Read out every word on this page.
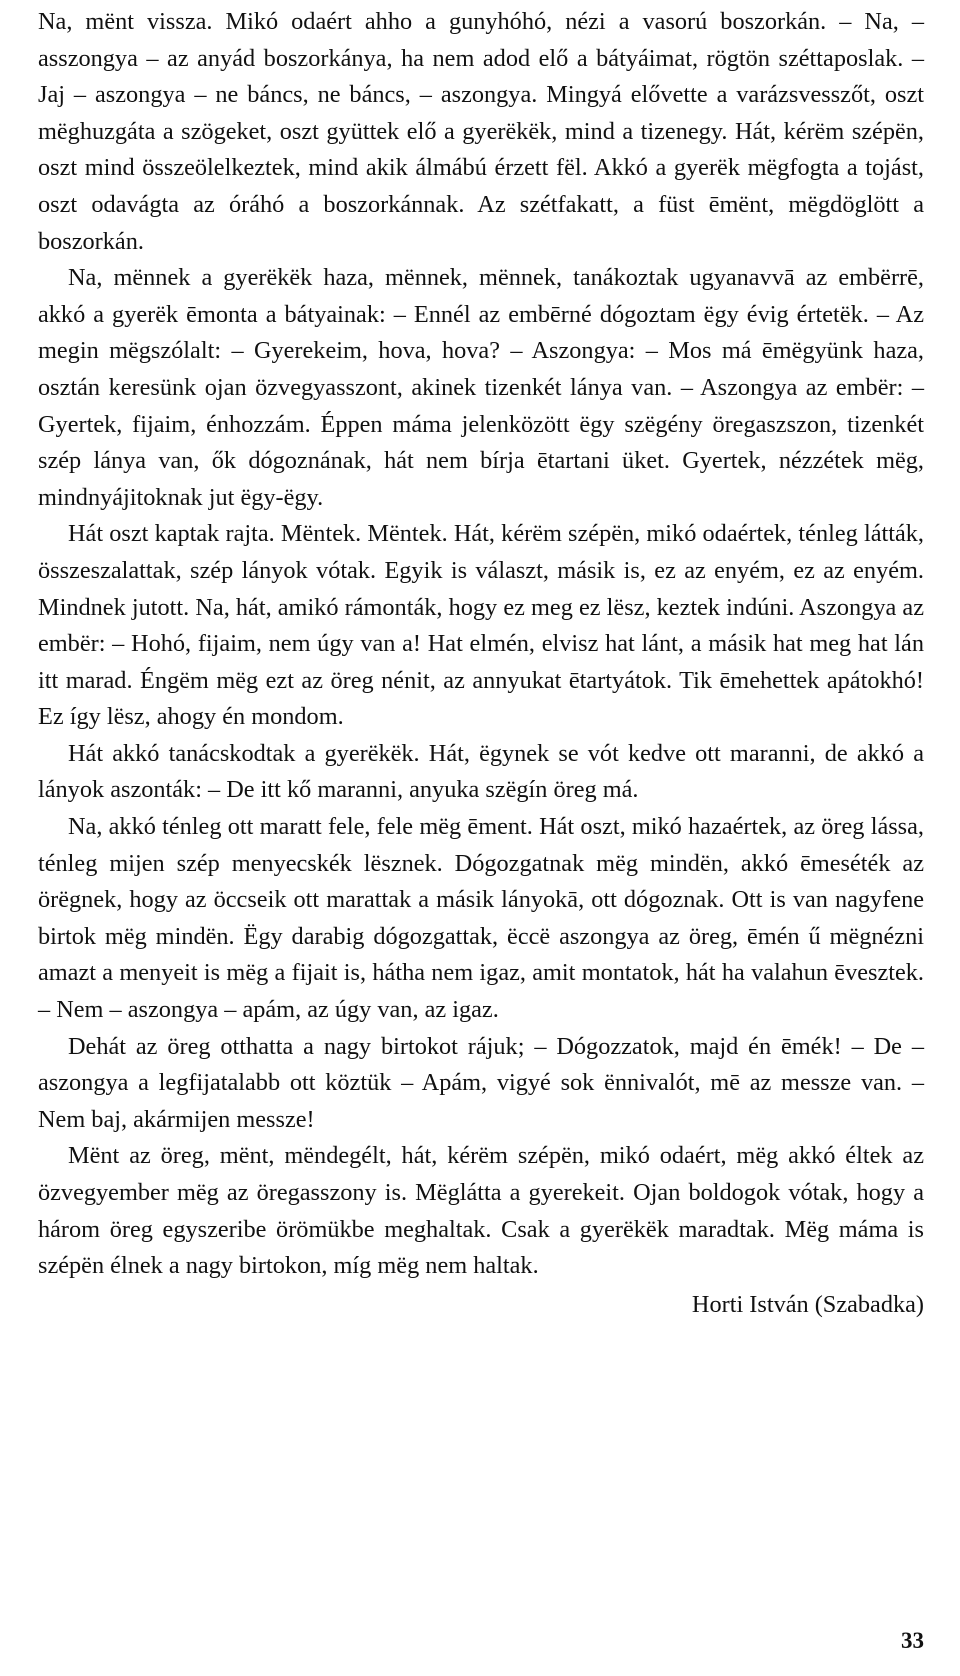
Na, mënt vissza. Mikó odaért ahho a gunyhóhó, nézi a vasorú boszorkán. – Na, – asszongya – az anyád boszorkánya, ha nem adod elő a bátyáimat, rögtön széttaposlak. – Jaj – aszongya – ne báncs, ne báncs, – aszongya. Mingyá elővette a varázsvesszőt, oszt mëghuzgáta a szögeket, oszt gyüttek elő a gyerëkëk, mind a tizenegy. Hát, kérëm szépën, oszt mind összeölelkeztek, mind akik álmábú érzett fël. Akkó a gyerëk mëgfogta a tojást, oszt odavágta az óráhó a boszorkánnak. Az szétfakatt, a füst ēmënt, mëgdöglött a boszorkán.

Na, mënnek a gyerëkëk haza, mënnek, mënnek, tanákoztak ugyanavvā az embërrē, akkó a gyerëk ēmonta a bátyainak: – Ennél az embērné dógoztam ëgy évig értetëk. – Az megin mëgszólalt: – Gyerekeim, hova, hova? – Aszongya: – Mos má ēmëgyünk haza, osztán keresünk ojan özvegyasszont, akinek tizenkét lánya van. – Aszongya az embër: – Gyertek, fijaim, énhozzám. Éppen máma jelenközött ëgy szëgény öregaszszon, tizenkét szép lánya van, ők dógoznának, hát nem bírja ētartani üket. Gyertek, nézzétek mëg, mindnyájitoknak jut ëgy-ëgy.

Hát oszt kaptak rajta. Mëntek. Mëntek. Hát, kérëm szépën, mikó odaértek, ténleg látták, összeszalattak, szép lányok vótak. Egyik is választ, másik is, ez az enyém, ez az enyém. Mindnek jutott. Na, hát, amikó rámonták, hogy ez meg ez lësz, keztek indúni. Aszongya az embër: – Hohó, fijaim, nem úgy van a! Hat elmén, elvisz hat lánt, a másik hat meg hat lán itt marad. Éngëm mëg ezt az öreg nénit, az annyukat ētartyátok. Tik ēmehettek apátokhó! Ez így lësz, ahogy én mondom.

Hát akkó tanácskodtak a gyerëkëk. Hát, ëgynek se vót kedve ott maranni, de akkó a lányok aszonták: – De itt kő maranni, anyuka szëgín öreg má.

Na, akkó ténleg ott maratt fele, fele mëg ēment. Hát oszt, mikó hazaértek, az öreg lássa, ténleg mijen szép menyecskék lësznek. Dógozgatnak mëg mindën, akkó ēmeséték az örëgnek, hogy az öccseik ott marattak a másik lányokā, ott dógoznak. Ott is van nagyfene birtok mëg mindën. Ëgy darabig dógozgattak, ëccë aszongya az öreg, ēmén ű mëgnézni amazt a menyeit is mëg a fijait is, hátha nem igaz, amit montatok, hát ha valahun ēvesztek. – Nem – aszongya – apám, az úgy van, az igaz.

Dehát az öreg otthatta a nagy birtokot rájuk; – Dógozzatok, majd én ēmék! – De – aszongya a legfijatalabb ott köztük – Apám, vigyé sok ënnivalót, mē az messze van. – Nem baj, akármijen messze!

Mënt az öreg, mënt, mëndegélt, hát, kérëm szépën, mikó odaért, mëg akkó éltek az özvegyember mëg az öregasszony is. Mëglátta a gyerekeit. Ojan boldogok vótak, hogy a három öreg egyszeribe örömükbe meghaltak. Csak a gyerëkëk maradtak. Mëg máma is szépën élnek a nagy birtokon, míg mëg nem haltak.

Horti István (Szabadka)

33
